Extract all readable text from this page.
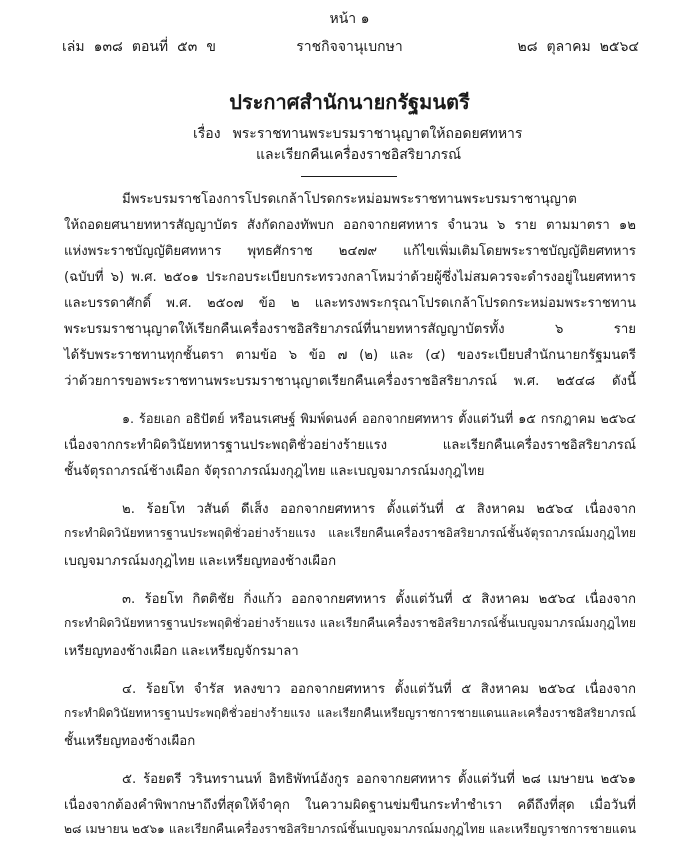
หน้า ๑
เล่ม ๑๓๘ ตอนที่ ๕๓ ข	ราชกิจจานุเบกษา	๒๘ ตุลาคม ๒๕๖๔
ประกาศสำนักนายกรัฐมนตรี
เรื่อง พระราชทานพระบรมราชานุญาตให้ถอดยศทหาร
และเรียกคืนเครื่องราชอิสริยาภรณ์
มีพระบรมราชโองการโปรดเกล้าโปรดกระหม่อมพระราชทานพระบรมราชานุญาต
ให้ถอดยศนายทหารสัญญาบัตร สังกัดกองทัพบก ออกจากยศทหาร จำนวน ๖ ราย ตามมาตรา ๑๒
แห่งพระราชบัญญัติยศทหาร พุทธศักราช ๒๔๗๙ แก้ไขเพิ่มเติมโดยพระราชบัญญัติยศทหาร
(ฉบับที่ ๖) พ.ศ. ๒๕๐๑ ประกอบระเบียบกระทรวงกลาโหมว่าด้วยผู้ซึ่งไม่สมควรจะดำรงอยู่ในยศทหาร
และบรรดาศักดิ์ พ.ศ. ๒๕๐๗ ข้อ ๒ และทรงพระกรุณาโปรดเกล้าโปรดกระหม่อมพระราชทาน
พระบรมราชานุญาตให้เรียกคืนเครื่องราชอิสริยาภรณ์ที่นายทหารสัญญาบัตรทั้ง ๖ ราย
ได้รับพระราชทานทุกชั้นตรา ตามข้อ ๖ ข้อ ๗ (๒) และ (๔) ของระเบียบสำนักนายกรัฐมนตรี
ว่าด้วยการขอพระราชทานพระบรมราชานุญาตเรียกคืนเครื่องราชอิสริยาภรณ์ พ.ศ. ๒๕๔๘ ดังนี้
๑. ร้อยเอก อธิปัตย์ หรือนรเศษฐ์ พิมพ์ดนงค์ ออกจากยศทหาร ตั้งแต่วันที่ ๑๕ กรกฎาคม ๒๕๖๔
เนื่องจากกระทำผิดวินัยทหารฐานประพฤติชั่วอย่างร้ายแรง และเรียกคืนเครื่องราชอิสริยาภรณ์
ชั้นจัตุรถาภรณ์ช้างเผือก จัตุรถาภรณ์มงกุฎไทย และเบญจมาภรณ์มงกุฎไทย
๒. ร้อยโท วสันต์ ดีเส็ง ออกจากยศทหาร ตั้งแต่วันที่ ๕ สิงหาคม ๒๕๖๔ เนื่องจาก
กระทำผิดวินัยทหารฐานประพฤติชั่วอย่างร้ายแรง และเรียกคืนเครื่องราชอิสริยาภรณ์ชั้นจัตุรถาภรณ์มงกุฎไทย
เบญจมาภรณ์มงกุฎไทย และเหรียญทองช้างเผือก
๓. ร้อยโท กิตติชัย กิ่งแก้ว ออกจากยศทหาร ตั้งแต่วันที่ ๕ สิงหาคม ๒๕๖๔ เนื่องจาก
กระทำผิดวินัยทหารฐานประพฤติชั่วอย่างร้ายแรง และเรียกคืนเครื่องราชอิสริยาภรณ์ชั้นเบญจมาภรณ์มงกุฎไทย
เหรียญทองช้างเผือก และเหรียญจักรมาลา
๔. ร้อยโท จำรัส หลงขาว ออกจากยศทหาร ตั้งแต่วันที่ ๕ สิงหาคม ๒๕๖๔ เนื่องจาก
กระทำผิดวินัยทหารฐานประพฤติชั่วอย่างร้ายแรง และเรียกคืนเหรียญราชการชายแดนและเครื่องราชอิสริยาภรณ์
ชั้นเหรียญทองช้างเผือก
๕. ร้อยตรี วรินทรานนท์ อิทธิพัทน์อังกูร ออกจากยศทหาร ตั้งแต่วันที่ ๒๘ เมษายน ๒๕๖๑
เนื่องจากต้องคำพิพากษาถึงที่สุดให้จำคุก ในความผิดฐานข่มขืนกระทำชำเรา คดีถึงที่สุด เมื่อวันที่
๒๘ เมษายน ๒๕๖๑ และเรียกคืนเครื่องราชอิสริยาภรณ์ชั้นเบญจมาภรณ์มงกุฎไทย และเหรียญราชการชายแดน
